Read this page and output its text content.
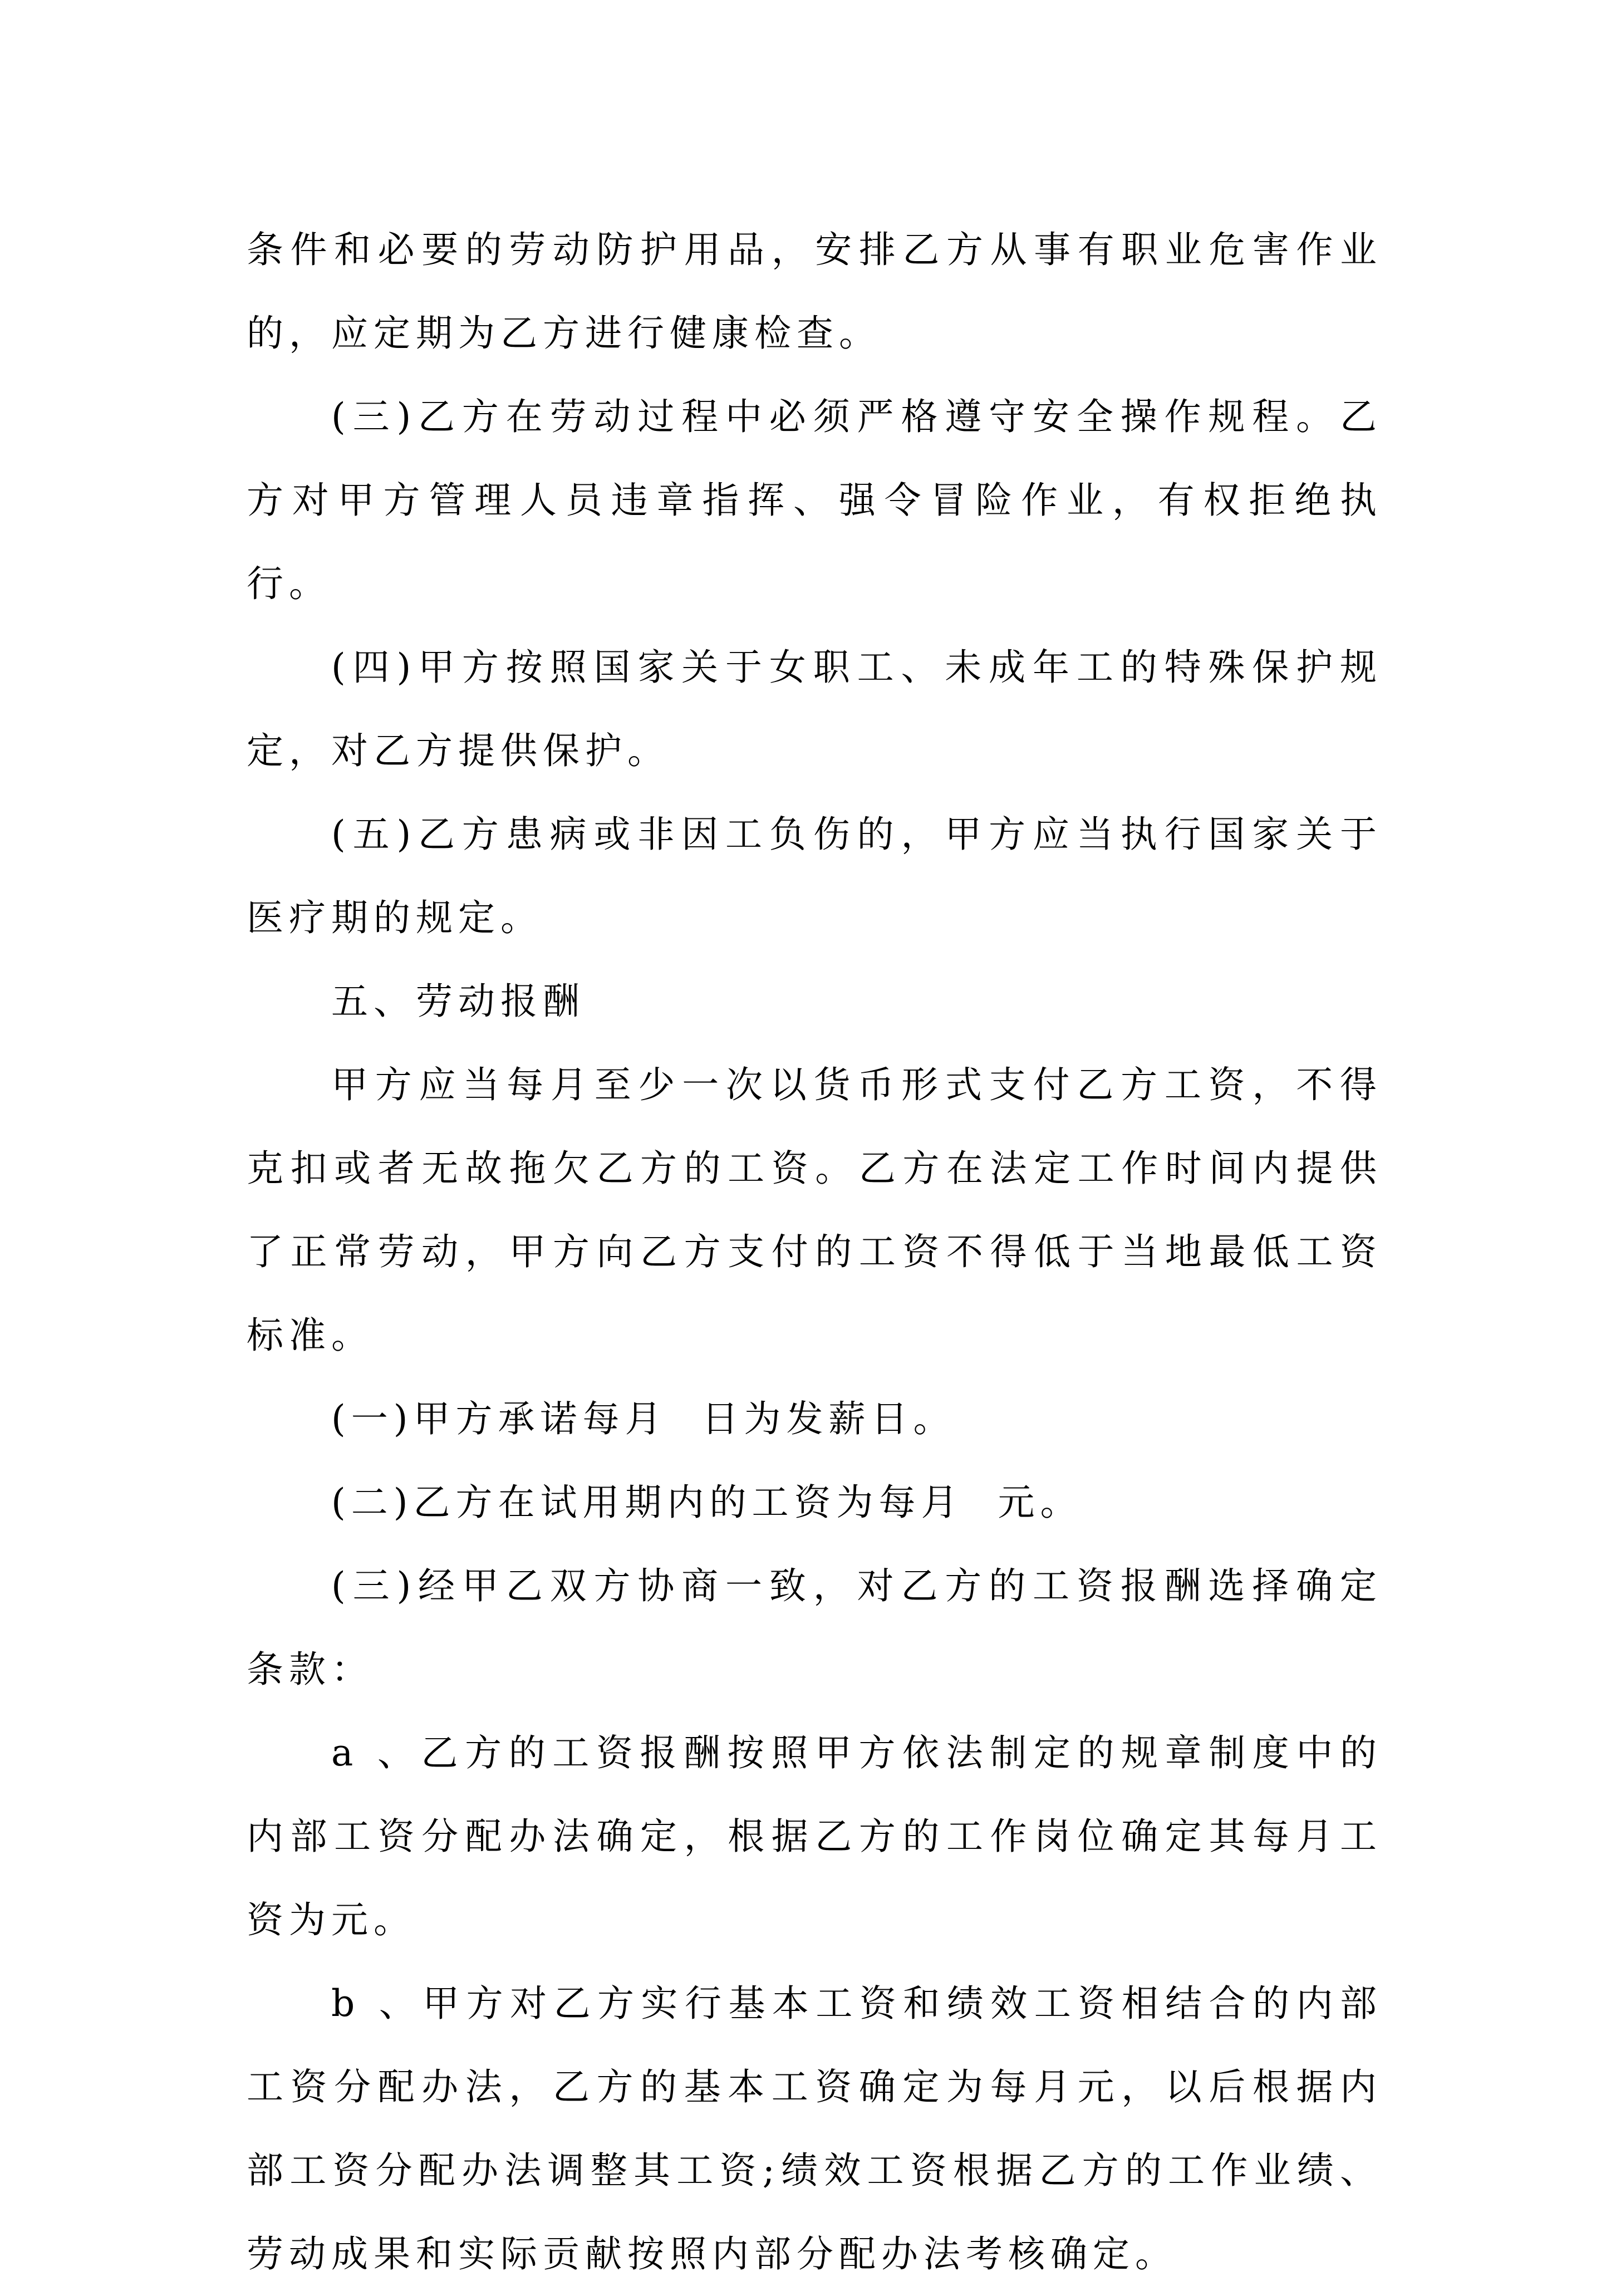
条件和必要的劳动防护用品，安排乙方从事有职业危害作业的，应定期为乙方进行健康检查。

(三)乙方在劳动过程中必须严格遵守安全操作规程。乙方对甲方管理人员违章指挥、强令冒险作业，有权拒绝执行。

(四)甲方按照国家关于女职工、未成年工的特殊保护规定，对乙方提供保护。

(五)乙方患病或非因工负伤的，甲方应当执行国家关于医疗期的规定。

五、劳动报酬

甲方应当每月至少一次以货币形式支付乙方工资，不得克扣或者无故拖欠乙方的工资。乙方在法定工作时间内提供了正常劳动，甲方向乙方支付的工资不得低于当地最低工资标准。

(一)甲方承诺每月  日为发薪日。

(二)乙方在试用期内的工资为每月  元。

(三)经甲乙双方协商一致，对乙方的工资报酬选择确定条款：

a 、乙方的工资报酬按照甲方依法制定的规章制度中的内部工资分配办法确定，根据乙方的工作岗位确定其每月工资为元。

b 、甲方对乙方实行基本工资和绩效工资相结合的内部工资分配办法，乙方的基本工资确定为每月元，以后根据内部工资分配办法调整其工资;绩效工资根据乙方的工作业绩、劳动成果和实际贡献按照内部分配办法考核确定。
